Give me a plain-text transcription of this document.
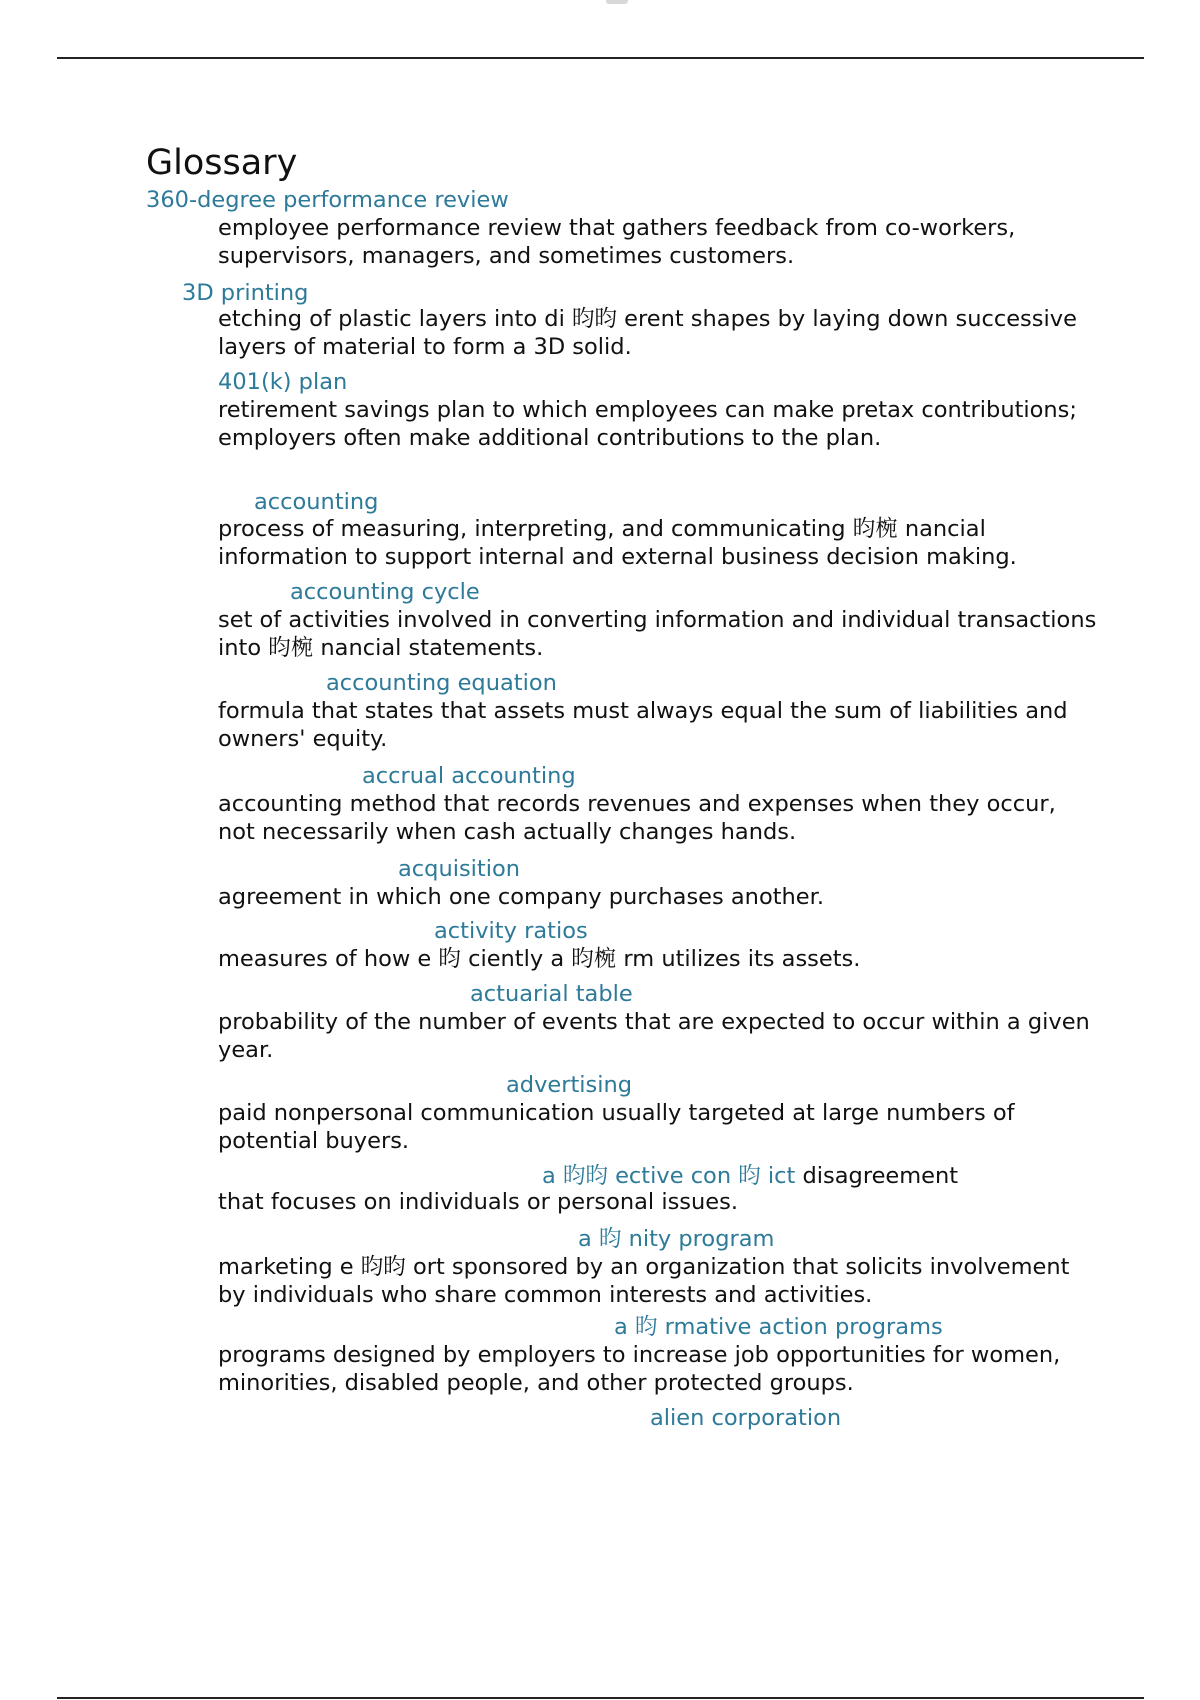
Glossary
360-degree performance review
employee performance review that gathers feedback from co-workers, supervisors, managers, and sometimes customers.
3D printing
etching of plastic layers into di 昀昀 erent shapes by laying down successive layers of material to form a 3D solid.
401(k) plan
retirement savings plan to which employees can make pretax contributions; employers often make additional contributions to the plan.
accounting
process of measuring, interpreting, and communicating 昀椀 nancial information to support internal and external business decision making.
accounting cycle
set of activities involved in converting information and individual transactions into 昀椀 nancial statements.
accounting equation
formula that states that assets must always equal the sum of liabilities and owners' equity.
accrual accounting
accounting method that records revenues and expenses when they occur, not necessarily when cash actually changes hands.
acquisition
agreement in which one company purchases another.
activity ratios
measures of how e 昀 ciently a 昀椀 rm utilizes its assets.
actuarial table
probability of the number of events that are expected to occur within a given year.
advertising
paid nonpersonal communication usually targeted at large numbers of potential buyers.
a 昀昀 ective con 昀 ict disagreement
that focuses on individuals or personal issues.
a 昀 nity program
marketing e 昀昀 ort sponsored by an organization that solicits involvement by individuals who share common interests and activities.
a 昀 rmative action programs
programs designed by employers to increase job opportunities for women, minorities, disabled people, and other protected groups.
alien corporation
